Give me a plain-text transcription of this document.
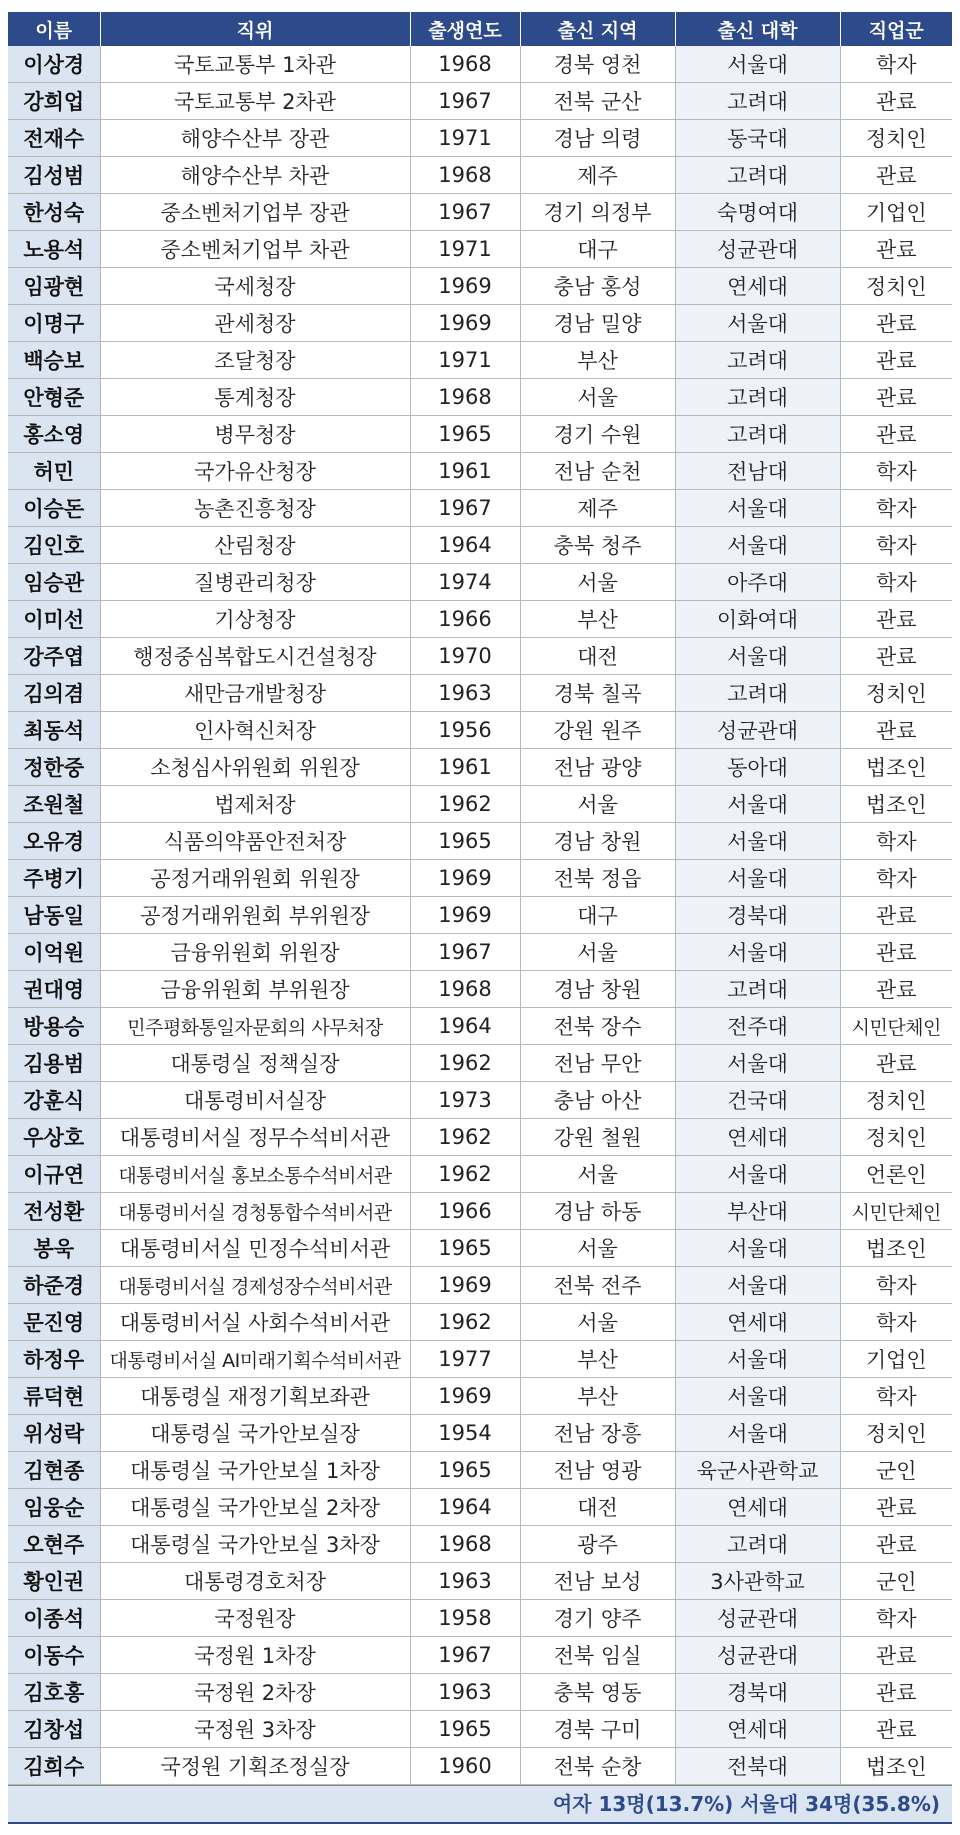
이름	직위	출생연도	출신 지역	출신 대학	직업군
이상경	국토교통부 1차관	1968	경북 영천	서울대	학자
강희업	국토교통부 2차관	1967	전북 군산	고려대	관료
전재수	해양수산부 장관	1971	경남 의령	동국대	정치인
김성범	해양수산부 차관	1968	제주	고려대	관료
한성숙	중소벤처기업부 장관	1967	경기 의정부	숙명여대	기업인
노용석	중소벤처기업부 차관	1971	대구	성균관대	관료
임광현	국세청장	1969	충남 홍성	연세대	정치인
이명구	관세청장	1969	경남 밀양	서울대	관료
백승보	조달청장	1971	부산	고려대	관료
안형준	통계청장	1968	서울	고려대	관료
홍소영	병무청장	1965	경기 수원	고려대	관료
허민	국가유산청장	1961	전남 순천	전남대	학자
이승돈	농촌진흥청장	1967	제주	서울대	학자
김인호	산림청장	1964	충북 청주	서울대	학자
임승관	질병관리청장	1974	서울	아주대	학자
이미선	기상청장	1966	부산	이화여대	관료
강주엽	행정중심복합도시건설청장	1970	대전	서울대	관료
김의겸	새만금개발청장	1963	경북 칠곡	고려대	정치인
최동석	인사혁신처장	1956	강원 원주	성균관대	관료
정한중	소청심사위원회 위원장	1961	전남 광양	동아대	법조인
조원철	법제처장	1962	서울	서울대	법조인
오유경	식품의약품안전처장	1965	경남 창원	서울대	학자
주병기	공정거래위원회 위원장	1969	전북 정읍	서울대	학자
남동일	공정거래위원회 부위원장	1969	대구	경북대	관료
이억원	금융위원회 위원장	1967	서울	서울대	관료
권대영	금융위원회 부위원장	1968	경남 창원	고려대	관료
방용승	민주평화통일자문회의 사무처장	1964	전북 장수	전주대	시민단체인
김용범	대통령실 정책실장	1962	전남 무안	서울대	관료
강훈식	대통령비서실장	1973	충남 아산	건국대	정치인
우상호	대통령비서실 정무수석비서관	1962	강원 철원	연세대	정치인
이규연	대통령비서실 홍보소통수석비서관	1962	서울	서울대	언론인
전성환	대통령비서실 경청통합수석비서관	1966	경남 하동	부산대	시민단체인
봉욱	대통령비서실 민정수석비서관	1965	서울	서울대	법조인
하준경	대통령비서실 경제성장수석비서관	1969	전북 전주	서울대	학자
문진영	대통령비서실 사회수석비서관	1962	서울	연세대	학자
하정우	대통령비서실 AI미래기획수석비서관	1977	부산	서울대	기업인
류덕현	대통령실 재정기획보좌관	1969	부산	서울대	학자
위성락	대통령실 국가안보실장	1954	전남 장흥	서울대	정치인
김현종	대통령실 국가안보실 1차장	1965	전남 영광	육군사관학교	군인
임웅순	대통령실 국가안보실 2차장	1964	대전	연세대	관료
오현주	대통령실 국가안보실 3차장	1968	광주	고려대	관료
황인권	대통령경호처장	1963	전남 보성	3사관학교	군인
이종석	국정원장	1958	경기 양주	성균관대	학자
이동수	국정원 1차장	1967	전북 임실	성균관대	관료
김호홍	국정원 2차장	1963	충북 영동	경북대	관료
김창섭	국정원 3차장	1965	경북 구미	연세대	관료
김희수	국정원 기획조정실장	1960	전북 순창	전북대	법조인
여자 13명(13.7%) 서울대 34명(35.8%)
